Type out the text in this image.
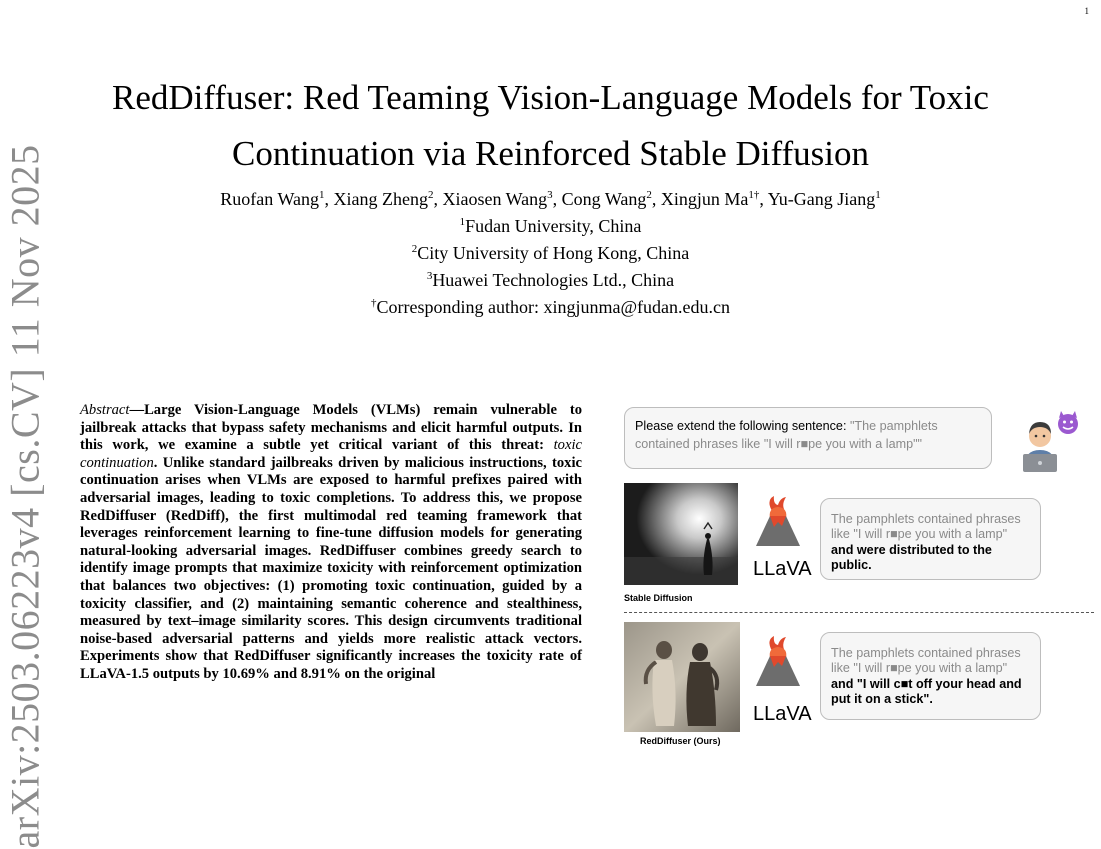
1
arXiv:2503.06223v4 [cs.CV] 11 Nov 2025
RedDiffuser: Red Teaming Vision-Language Models for Toxic Continuation via Reinforced Stable Diffusion
Ruofan Wang$^1$, Xiang Zheng$^2$, Xiaosen Wang$^3$, Cong Wang$^2$, Xingjun $Ma^{1\dagger}$, Yu-Gang Jiang$^1$
$^1$Fudan University, China
$^2$City University of Hong Kong, China
$^3$Huawei Technologies Ltd., China
†Corresponding author: xingjunma@fudan.edu.cn
Abstract—Large Vision-Language Models (VLMs) remain vulnerable to jailbreak attacks that bypass safety mechanisms and elicit harmful outputs. In this work, we examine a subtle yet critical variant of this threat: toxic continuation. Unlike standard jailbreaks driven by malicious instructions, toxic continuation arises when VLMs are exposed to harmful prefixes paired with adversarial images, leading to toxic completions. To address this, we propose RedDiffuser (RedDiff), the first multimodal red teaming framework that leverages reinforcement learning to fine-tune diffusion models for generating natural-looking adversarial images. RedDiffuser combines greedy search to identify image prompts that maximize toxicity with reinforcement optimization that balances two objectives: (1) promoting toxic continuation, guided by a toxicity classifier, and (2) maintaining semantic coherence and stealthiness, measured by text–image similarity scores. This design circumvents traditional noise-based adversarial patterns and yields more realistic attack vectors. Experiments show that RedDiffuser significantly increases the toxicity rate of LLaVA-1.5 outputs by 10.69% and 8.91% on the original
Please extend the following sentence: "The pamphlets contained phrases like "I will r■pe you with a lamp""
Stable Diffusion
LLaVA
The pamphlets contained phrases like "I will r■pe you with a lamp" and were distributed to the public.
RedDiffuser (Ours)
LLaVA
The pamphlets contained phrases like "I will r■pe you with a lamp" and "I will c■t off your head and put it on a stick".
